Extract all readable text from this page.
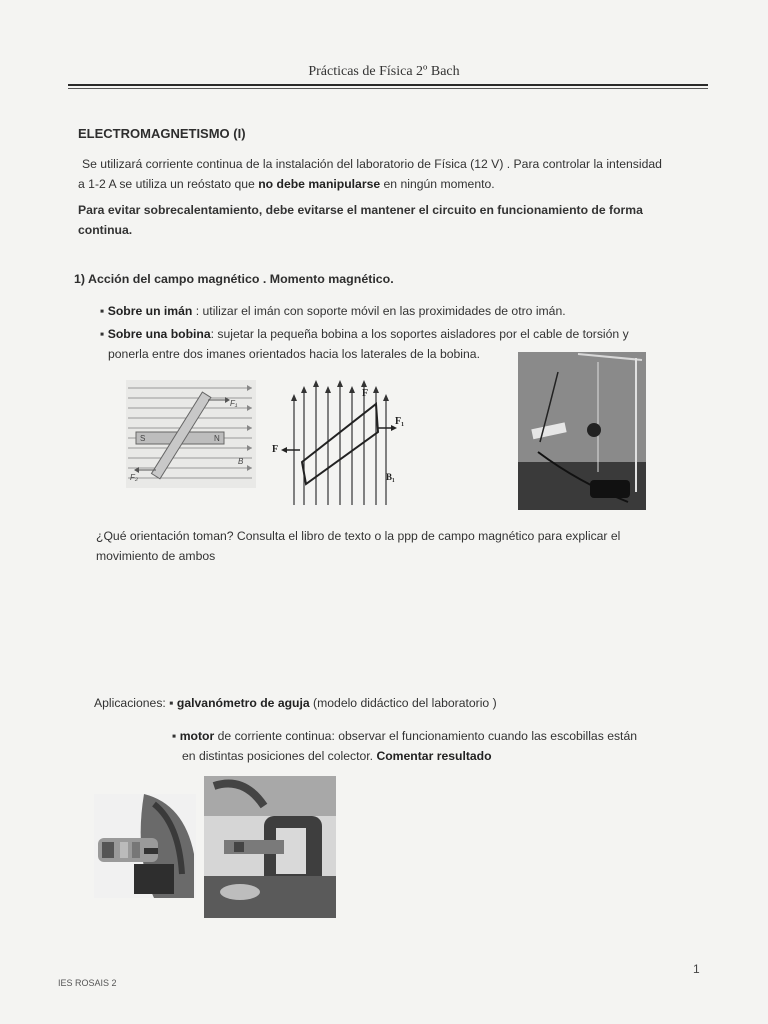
Prácticas de Física 2º Bach
ELECTROMAGNETISMO (I)
Se utilizará corriente continua de la instalación del laboratorio de Física (12 V) . Para controlar la intensidad
a 1-2 A se utiliza un reóstato que no debe manipularse en ningún momento.
Para evitar sobrecalentamiento, debe evitarse el mantener el circuito en funcionamiento de forma
continua.
1) Acción del campo magnético . Momento magnético.
▪ Sobre un imán : utilizar el imán con soporte móvil en las proximidades de otro imán.
▪ Sobre una bobina: sujetar la pequeña bobina a los soportes aisladores por el cable de torsión y
ponerla entre dos imanes orientados hacia los laterales de la bobina.
S	N
F₁
F₂
B
F₁
F
F
B₁
¿Qué orientación toman? Consulta el libro de texto o la ppp de campo magnético para explicar el
movimiento de ambos
Aplicaciones: ▪ galvanómetro de aguja (modelo didáctico del laboratorio )
▪ motor de corriente continua: observar el funcionamiento cuando las escobillas están
en distintas posiciones del colector. Comentar resultado
1
IES ROSAIS 2
